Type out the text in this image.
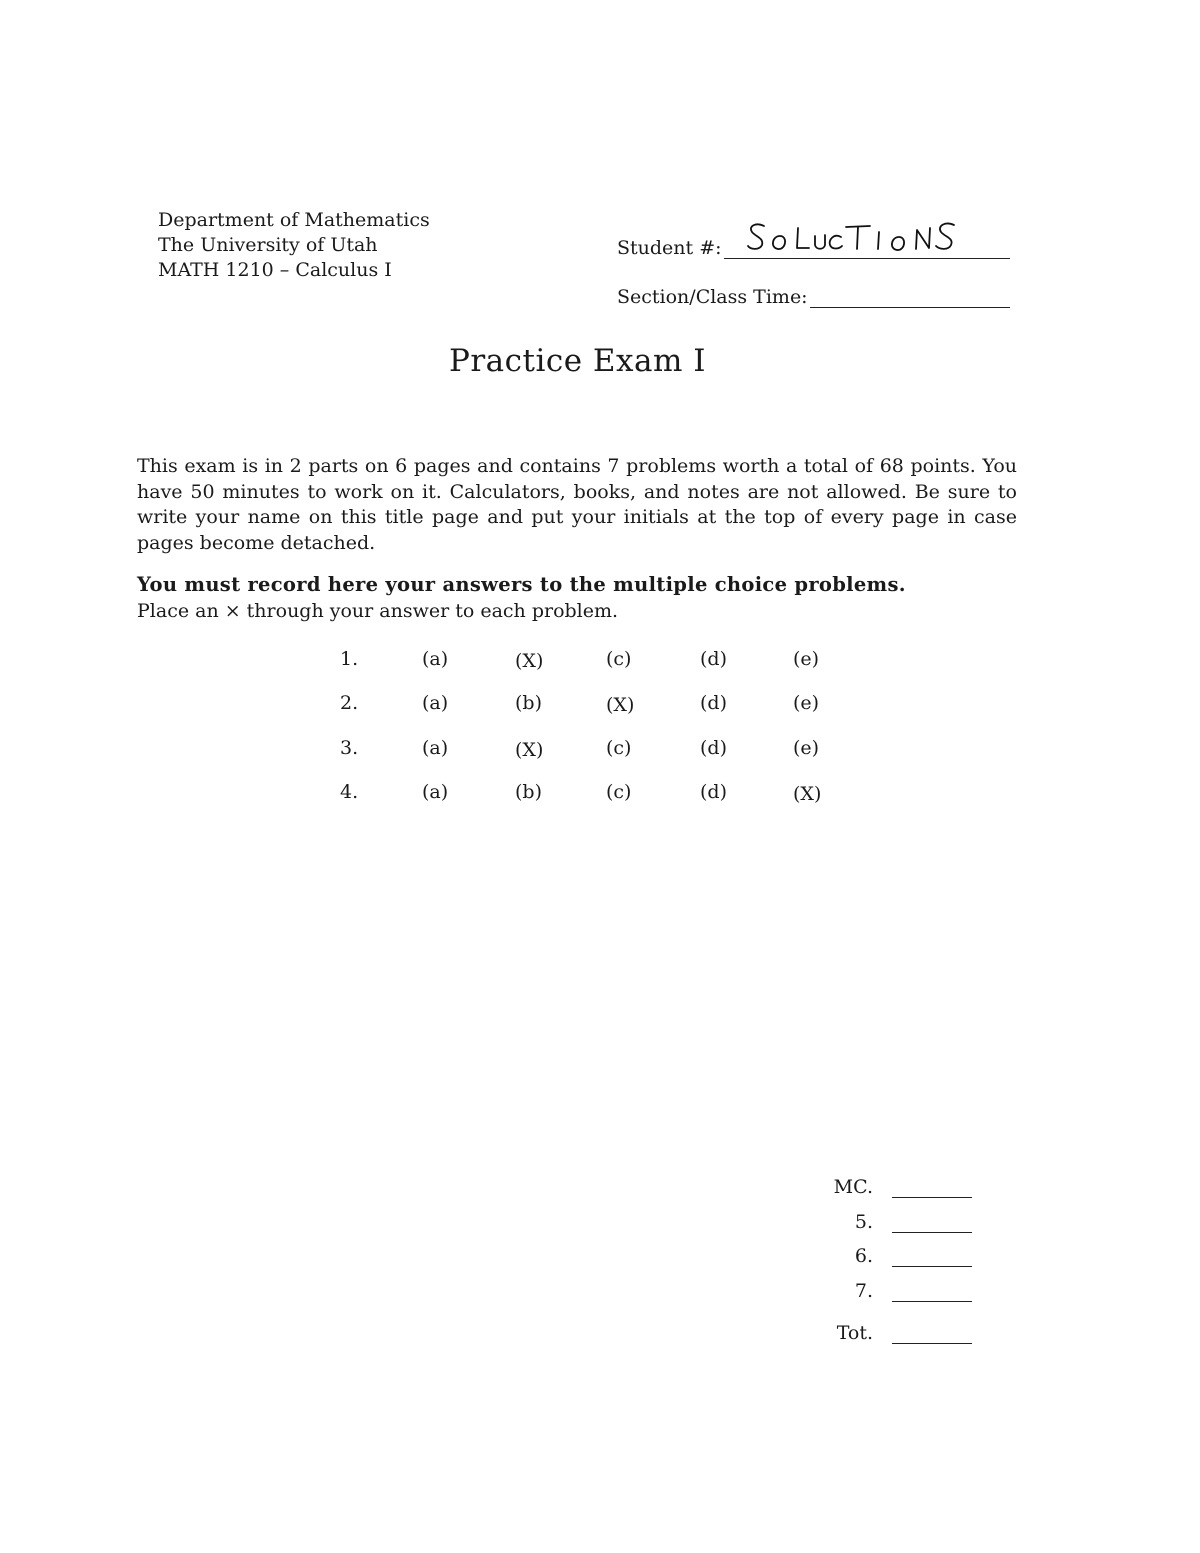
Department of Mathematics
The University of Utah
MATH 1210 – Calculus I
Student #:
Section/Class Time:
Practice Exam I
This exam is in 2 parts on 6 pages and contains 7 problems worth a total of 68 points. You have 50 minutes to work on it. Calculators, books, and notes are not allowed. Be sure to write your name on this title page and put your initials at the top of every page in case pages become detached.
You must record here your answers to the multiple choice problems.
Place an × through your answer to each problem.
1.	(a)	(X)	(c)	(d)	(e)
2.	(a)	(b)	(X)	(d)	(e)
3.	(a)	(X)	(c)	(d)	(e)
4.	(a)	(b)	(c)	(d)	(X)
MC.
5.
6.
7.
Tot.
